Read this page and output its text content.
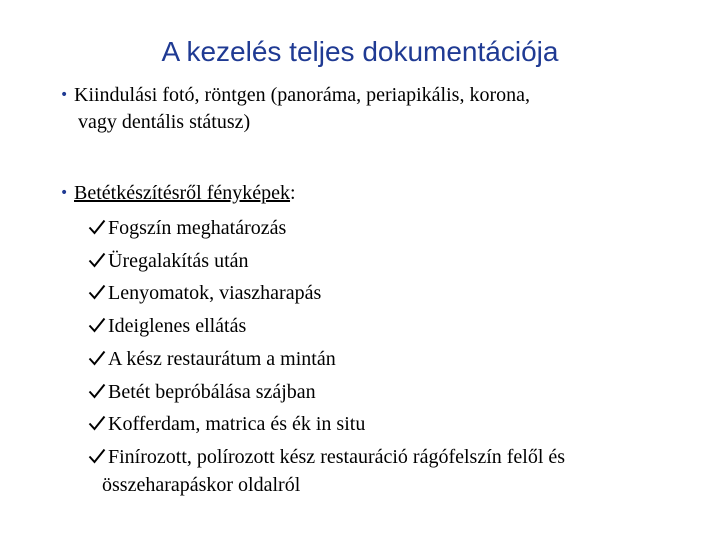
A kezelés teljes dokumentációja
• Kiindulási fotó, röntgen (panoráma, periapikális, korona,
vagy dentális státusz)
• Betétkészítésről fényképek:
Fogszín meghatározás
Üregalakítás után
Lenyomatok, viaszharapás
Ideiglenes ellátás
A kész restaurátum a mintán
Betét bepróbálása szájban
Kofferdam, matrica és ék in situ
Finírozott, polírozott kész restauráció rágófelszín felől és
összeharapáskor oldalról
